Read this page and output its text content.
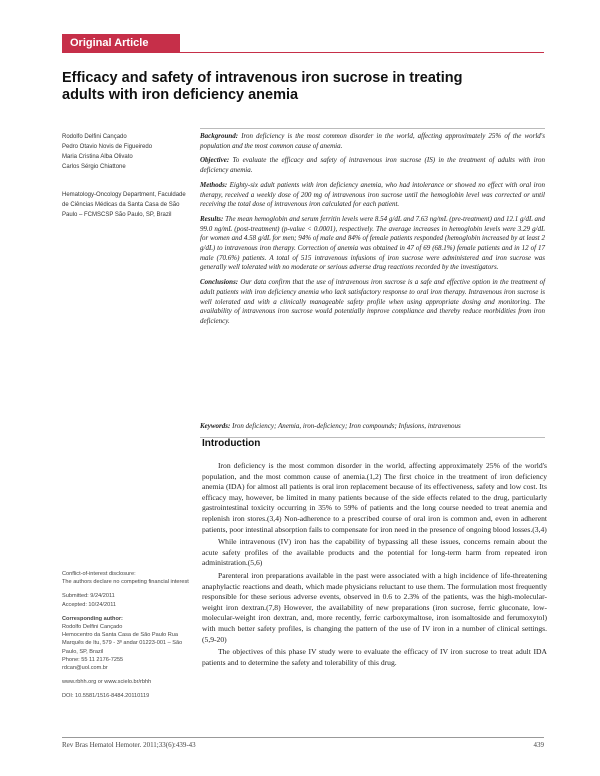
Original Article
Efficacy and safety of intravenous iron sucrose in treating adults with iron deficiency anemia
Rodolfo Delfini Cançado
Pedro Otavio Novis de Figueiredo
Maria Cristina Alba Olivato
Carlos Sérgio Chiattone
Hematology-Oncology Department, Faculdade de Ciências Médicas da Santa Casa de São Paulo – FCMSCSP São Paulo, SP, Brazil

Background: Iron deficiency is the most common disorder in the world, affecting approximately 25% of the world's population and the most common cause of anemia.

Objective: To evaluate the efficacy and safety of intravenous iron sucrose (IS) in the treatment of adults with iron deficiency anemia.

Methods: Eighty-six adult patients with iron deficiency anemia, who had intolerance or showed no effect with oral iron therapy, received a weekly dose of 200 mg of intravenous iron sucrose until the hemoglobin level was corrected or until receiving the total dose of intravenous iron calculated for each patient.

Results: The mean hemoglobin and serum ferritin levels were 8.54 g/dL and 7.63 ng/mL (pre-treatment) and 12.1 g/dL and 99.0 ng/mL (post-treatment) (p-value < 0.0001), respectively. The average increases in hemoglobin levels were 3.29 g/dL for women and 4.58 g/dL for men; 94% of male and 84% of female patients responded (hemoglobin increased by at least 2 g/dL) to intravenous iron therapy. Correction of anemia was obtained in 47 of 69 (68.1%) female patients and in 12 of 17 male (70.6%) patients. A total of 515 intravenous infusions of iron sucrose were administered and iron sucrose was generally well tolerated with no moderate or serious adverse drug reactions recorded by the investigators.

Conclusions: Our data confirm that the use of intravenous iron sucrose is a safe and effective option in the treatment of adult patients with iron deficiency anemia who lack satisfactory response to oral iron therapy. Intravenous iron sucrose is well tolerated and with a clinically manageable safety profile when using appropriate dosing and monitoring. The availability of intravenous iron sucrose would potentially improve compliance and thereby reduce morbidities from iron deficiency.

Keywords: Iron deficiency; Anemia, iron-deficiency; Iron compounds; Infusions, intravenous

Introduction

Iron deficiency is the most common disorder in the world, affecting approximately 25% of the world's population, and the most common cause of anemia.(1,2) The first choice in the treatment of iron deficiency anemia (IDA) for almost all patients is oral iron replacement because of its effectiveness, safety and low cost. Its efficacy may, however, be limited in many patients because of the side effects related to the drug, particularly gastrointestinal toxicity occurring in 35% to 59% of patients and the long course needed to treat anemia and replenish iron stores.(3,4) Non-adherence to a prescribed course of oral iron is common and, even in adherent patients, poor intestinal absorption fails to compensate for iron need in the presence of ongoing blood losses.(3,4)

While intravenous (IV) iron has the capability of bypassing all these issues, concerns remain about the acute safety profiles of the available products and the potential for long-term harm from repeated iron administration.(5,6)

Parenteral iron preparations available in the past were associated with a high incidence of life-threatening anaphylactic reactions and death, which made physicians reluctant to use them. The formulation most frequently responsible for these serious adverse events, observed in 0.6 to 2.3% of the patients, was the high-molecular-weight iron dextran.(7,8) However, the availability of new preparations (iron sucrose, ferric gluconate, low-molecular-weight iron dextran, and, more recently, ferric carboxymaltose, iron isomaltoside and ferumoxytol) with much better safety profiles, is changing the pattern of the use of IV iron in a number of clinical settings.(5,9-20)

The objectives of this phase IV study were to evaluate the efficacy of IV iron sucrose to treat adult IDA patients and to determine the safety and tolerability of this drug.

Conflict-of-interest disclosure:
The authors declare no competing financial interest
Submitted: 9/24/2011
Accepted: 10/24/2011
Corresponding author:
Rodolfo Delfini Cançado
Hemocentro da Santa Casa de São Paulo Rua Marquês de Itu, 579 - 3º andar 01223-001 – São Paulo, SP, Brazil
Phone: 55 11 2176-7255
rdcan@uol.com.br
www.rbhh.org or www.scielo.br/rbhh
DOI: 10.5581/1516-8484.20110119
Rev Bras Hematol Hemoter. 2011;33(6):439-43	439
